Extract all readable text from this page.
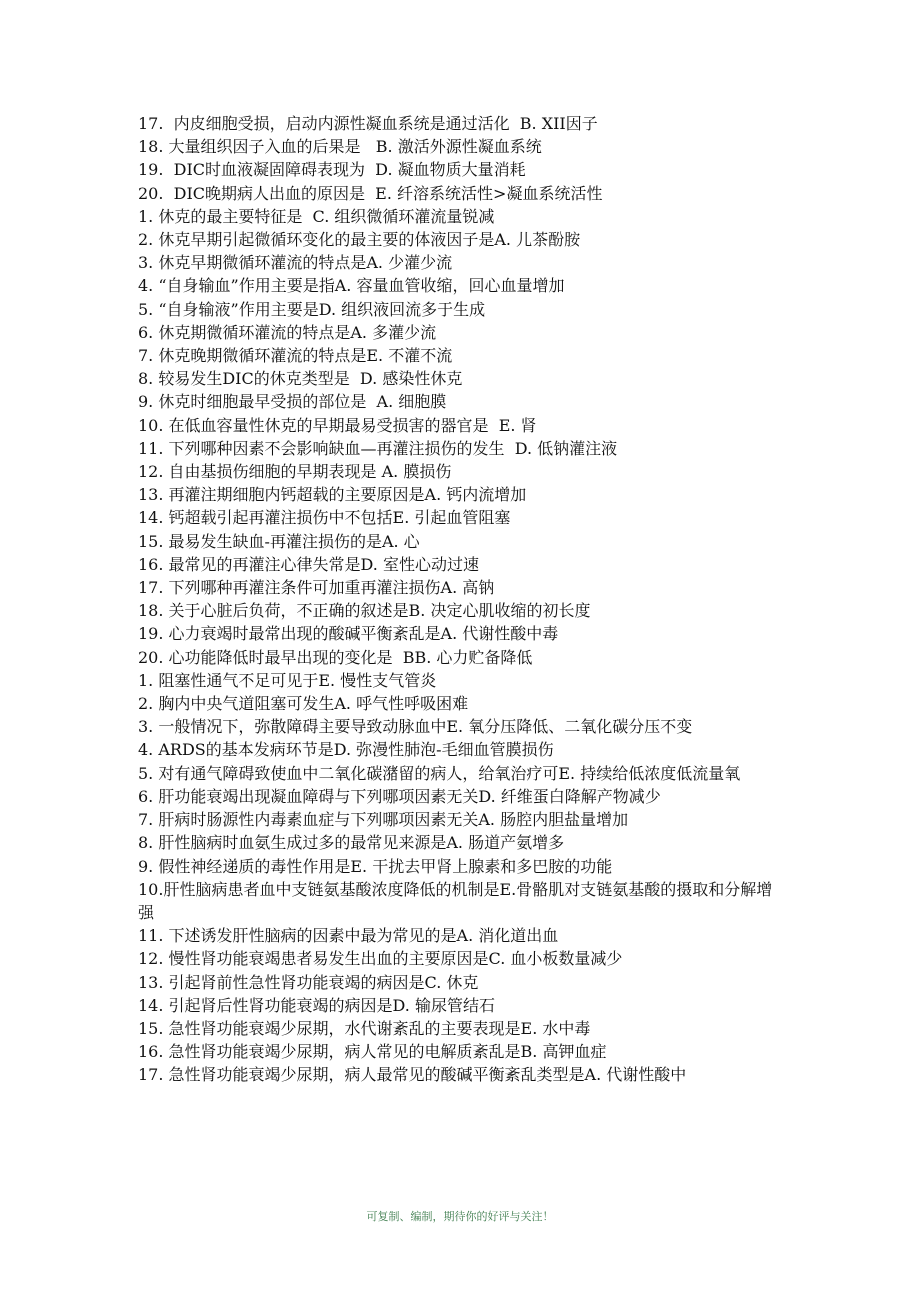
17.  内皮细胞受损，启动内源性凝血系统是通过活化  B. XII因子

18. 大量组织因子入血的后果是   B. 激活外源性凝血系统

19.  DIC时血液凝固障碍表现为  D. 凝血物质大量消耗

20.  DIC晚期病人出血的原因是  E. 纤溶系统活性>凝血系统活性

1. 休克的最主要特征是  C. 组织微循环灌流量锐减

2. 休克早期引起微循环变化的最主要的体液因子是A. 儿茶酚胺

3. 休克早期微循环灌流的特点是A. 少灌少流

4. “自身输血”作用主要是指A. 容量血管收缩，回心血量增加

5. “自身输液”作用主要是D. 组织液回流多于生成

6. 休克期微循环灌流的特点是A. 多灌少流

7. 休克晚期微循环灌流的特点是E. 不灌不流

8. 较易发生DIC的休克类型是  D. 感染性休克

9. 休克时细胞最早受损的部位是  A. 细胞膜

10. 在低血容量性休克的早期最易受损害的器官是  E. 肾

11. 下列哪种因素不会影响缺血—再灌注损伤的发生  D. 低钠灌注液

12. 自由基损伤细胞的早期表现是 A. 膜损伤

13. 再灌注期细胞内钙超载的主要原因是A. 钙内流增加

14. 钙超载引起再灌注损伤中不包括E. 引起血管阻塞

15. 最易发生缺血-再灌注损伤的是A. 心

16. 最常见的再灌注心律失常是D. 室性心动过速

17. 下列哪种再灌注条件可加重再灌注损伤A. 高钠

18. 关于心脏后负荷，不正确的叙述是B. 决定心肌收缩的初长度

19. 心力衰竭时最常出现的酸碱平衡紊乱是A. 代谢性酸中毒

20. 心功能降低时最早出现的变化是  BB. 心力贮备降低

1. 阻塞性通气不足可见于E. 慢性支气管炎

2. 胸内中央气道阻塞可发生A. 呼气性呼吸困难

3. 一般情况下，弥散障碍主要导致动脉血中E. 氧分压降低、二氧化碳分压不变

4. ARDS的基本发病环节是D. 弥漫性肺泡-毛细血管膜损伤

5. 对有通气障碍致使血中二氧化碳潴留的病人，给氧治疗可E. 持续给低浓度低流量氧

6. 肝功能衰竭出现凝血障碍与下列哪项因素无关D. 纤维蛋白降解产物减少

7. 肝病时肠源性内毒素血症与下列哪项因素无关A. 肠腔内胆盐量增加

8. 肝性脑病时血氨生成过多的最常见来源是A. 肠道产氨增多

9. 假性神经递质的毒性作用是E. 干扰去甲肾上腺素和多巴胺的功能

10.肝性脑病患者血中支链氨基酸浓度降低的机制是E.骨骼肌对支链氨基酸的摄取和分解增强

11. 下述诱发肝性脑病的因素中最为常见的是A. 消化道出血

12. 慢性肾功能衰竭患者易发生出血的主要原因是C. 血小板数量减少

13. 引起肾前性急性肾功能衰竭的病因是C. 休克

14. 引起肾后性肾功能衰竭的病因是D. 输尿管结石

15. 急性肾功能衰竭少尿期，水代谢紊乱的主要表现是E. 水中毒

16. 急性肾功能衰竭少尿期，病人常见的电解质紊乱是B. 高钾血症

17. 急性肾功能衰竭少尿期，病人最常见的酸碱平衡紊乱类型是A. 代谢性酸中

可复制、编制，期待你的好评与关注！
